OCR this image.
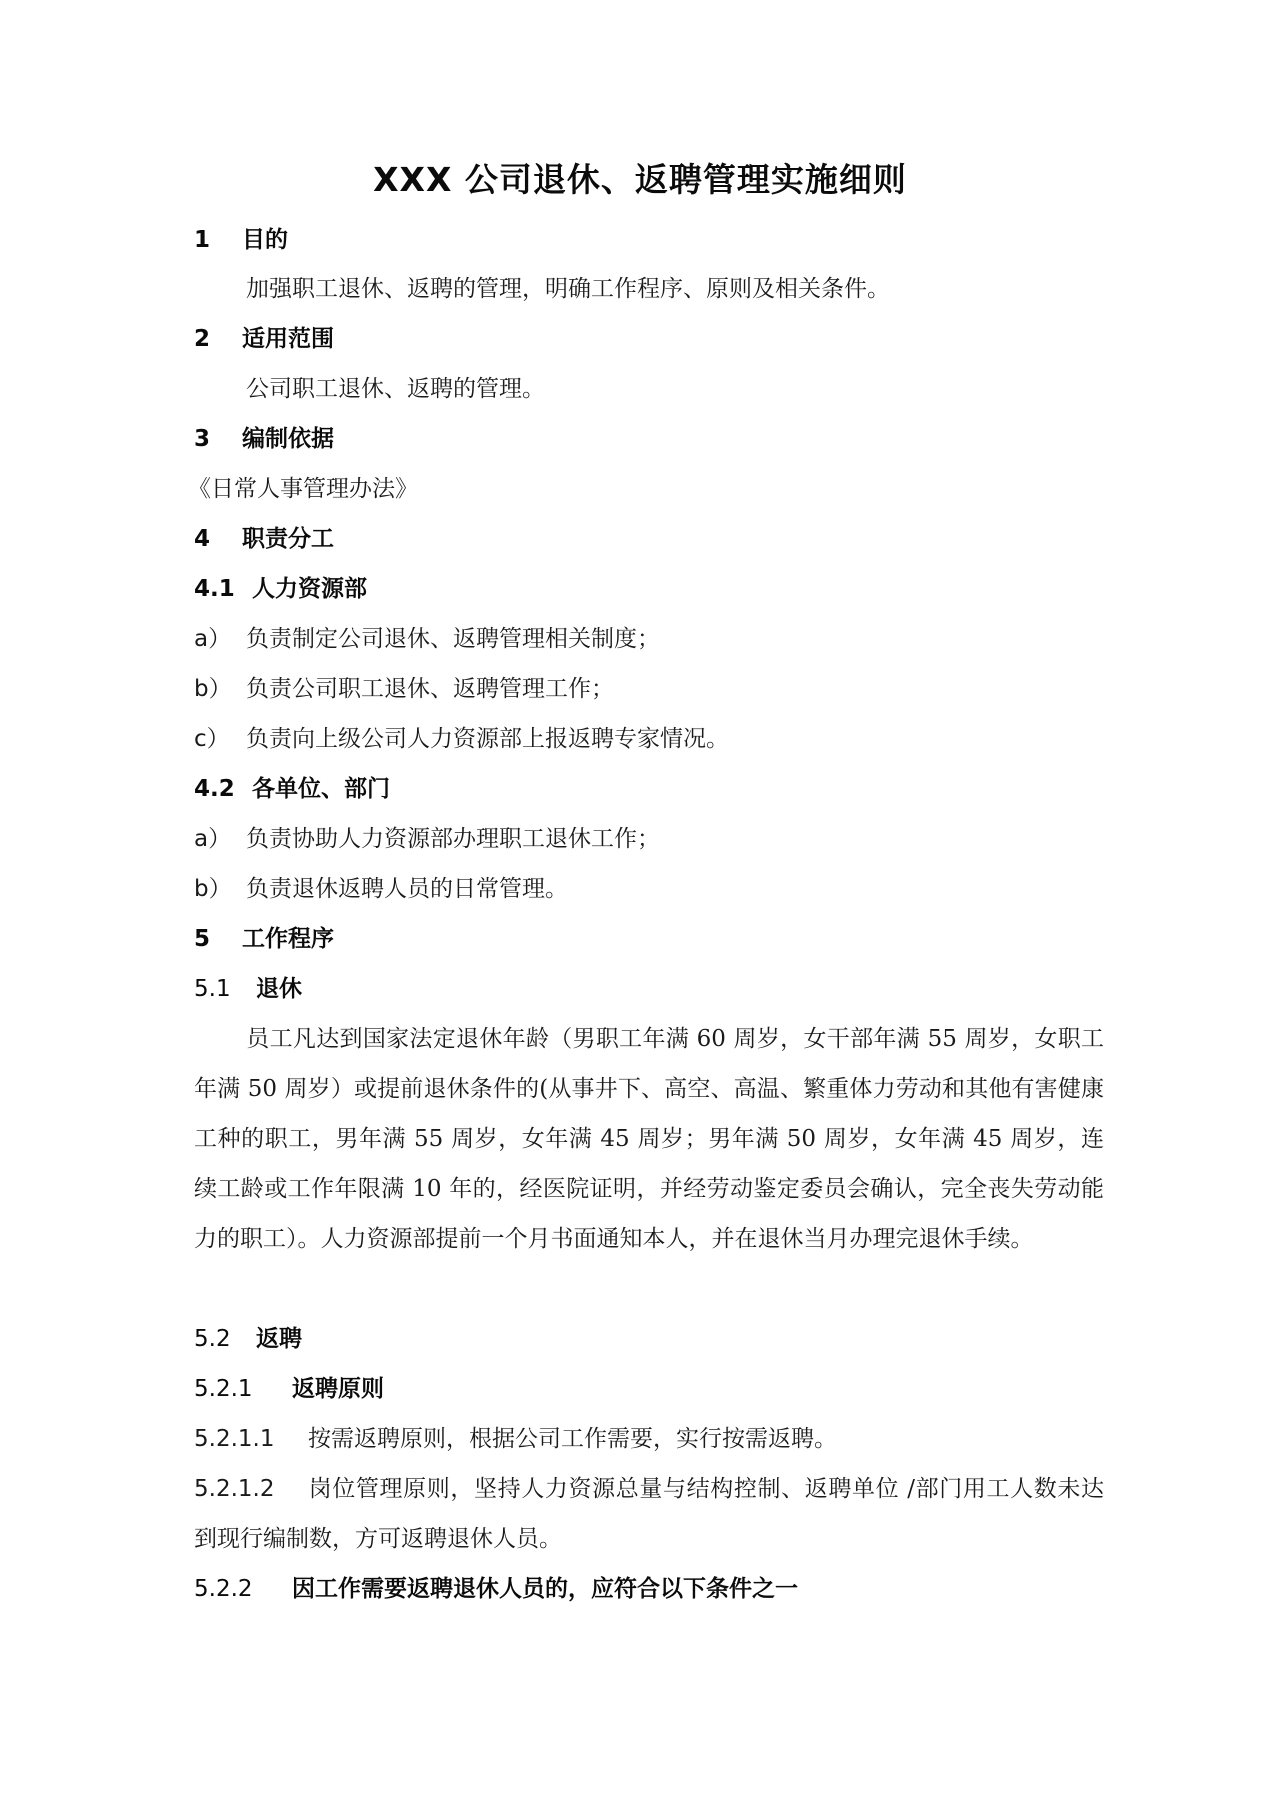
XXX 公司退休、返聘管理实施细则
1 目的
加强职工退休、返聘的管理，明确工作程序、原则及相关条件。
2 适用范围
公司职工退休、返聘的管理。
3 编制依据
《日常人事管理办法》
4 职责分工
4.1 人力资源部
a） 负责制定公司退休、返聘管理相关制度；
b） 负责公司职工退休、返聘管理工作；
c） 负责向上级公司人力资源部上报返聘专家情况。
4.2 各单位、部门
a） 负责协助人力资源部办理职工退休工作；
b） 负责退休返聘人员的日常管理。
5 工作程序
5.1 退休
员工凡达到国家法定退休年龄（男职工年满 60 周岁，女干部年满 55 周岁，女职工年满 50 周岁）或提前退休条件的(从事井下、高空、高温、繁重体力劳动和其他有害健康工种的职工，男年满 55 周岁，女年满 45 周岁；男年满 50 周岁，女年满 45 周岁，连续工龄或工作年限满 10 年的，经医院证明，并经劳动鉴定委员会确认，完全丧失劳动能力的职工）。人力资源部提前一个月书面通知本人，并在退休当月办理完退休手续。
5.2 返聘
5.2.1 返聘原则
5.2.1.1 按需返聘原则，根据公司工作需要，实行按需返聘。
5.2.1.2 岗位管理原则，坚持人力资源总量与结构控制、返聘单位 /部门用工人数未达到现行编制数，方可返聘退休人员。
5.2.2 因工作需要返聘退休人员的，应符合以下条件之一
